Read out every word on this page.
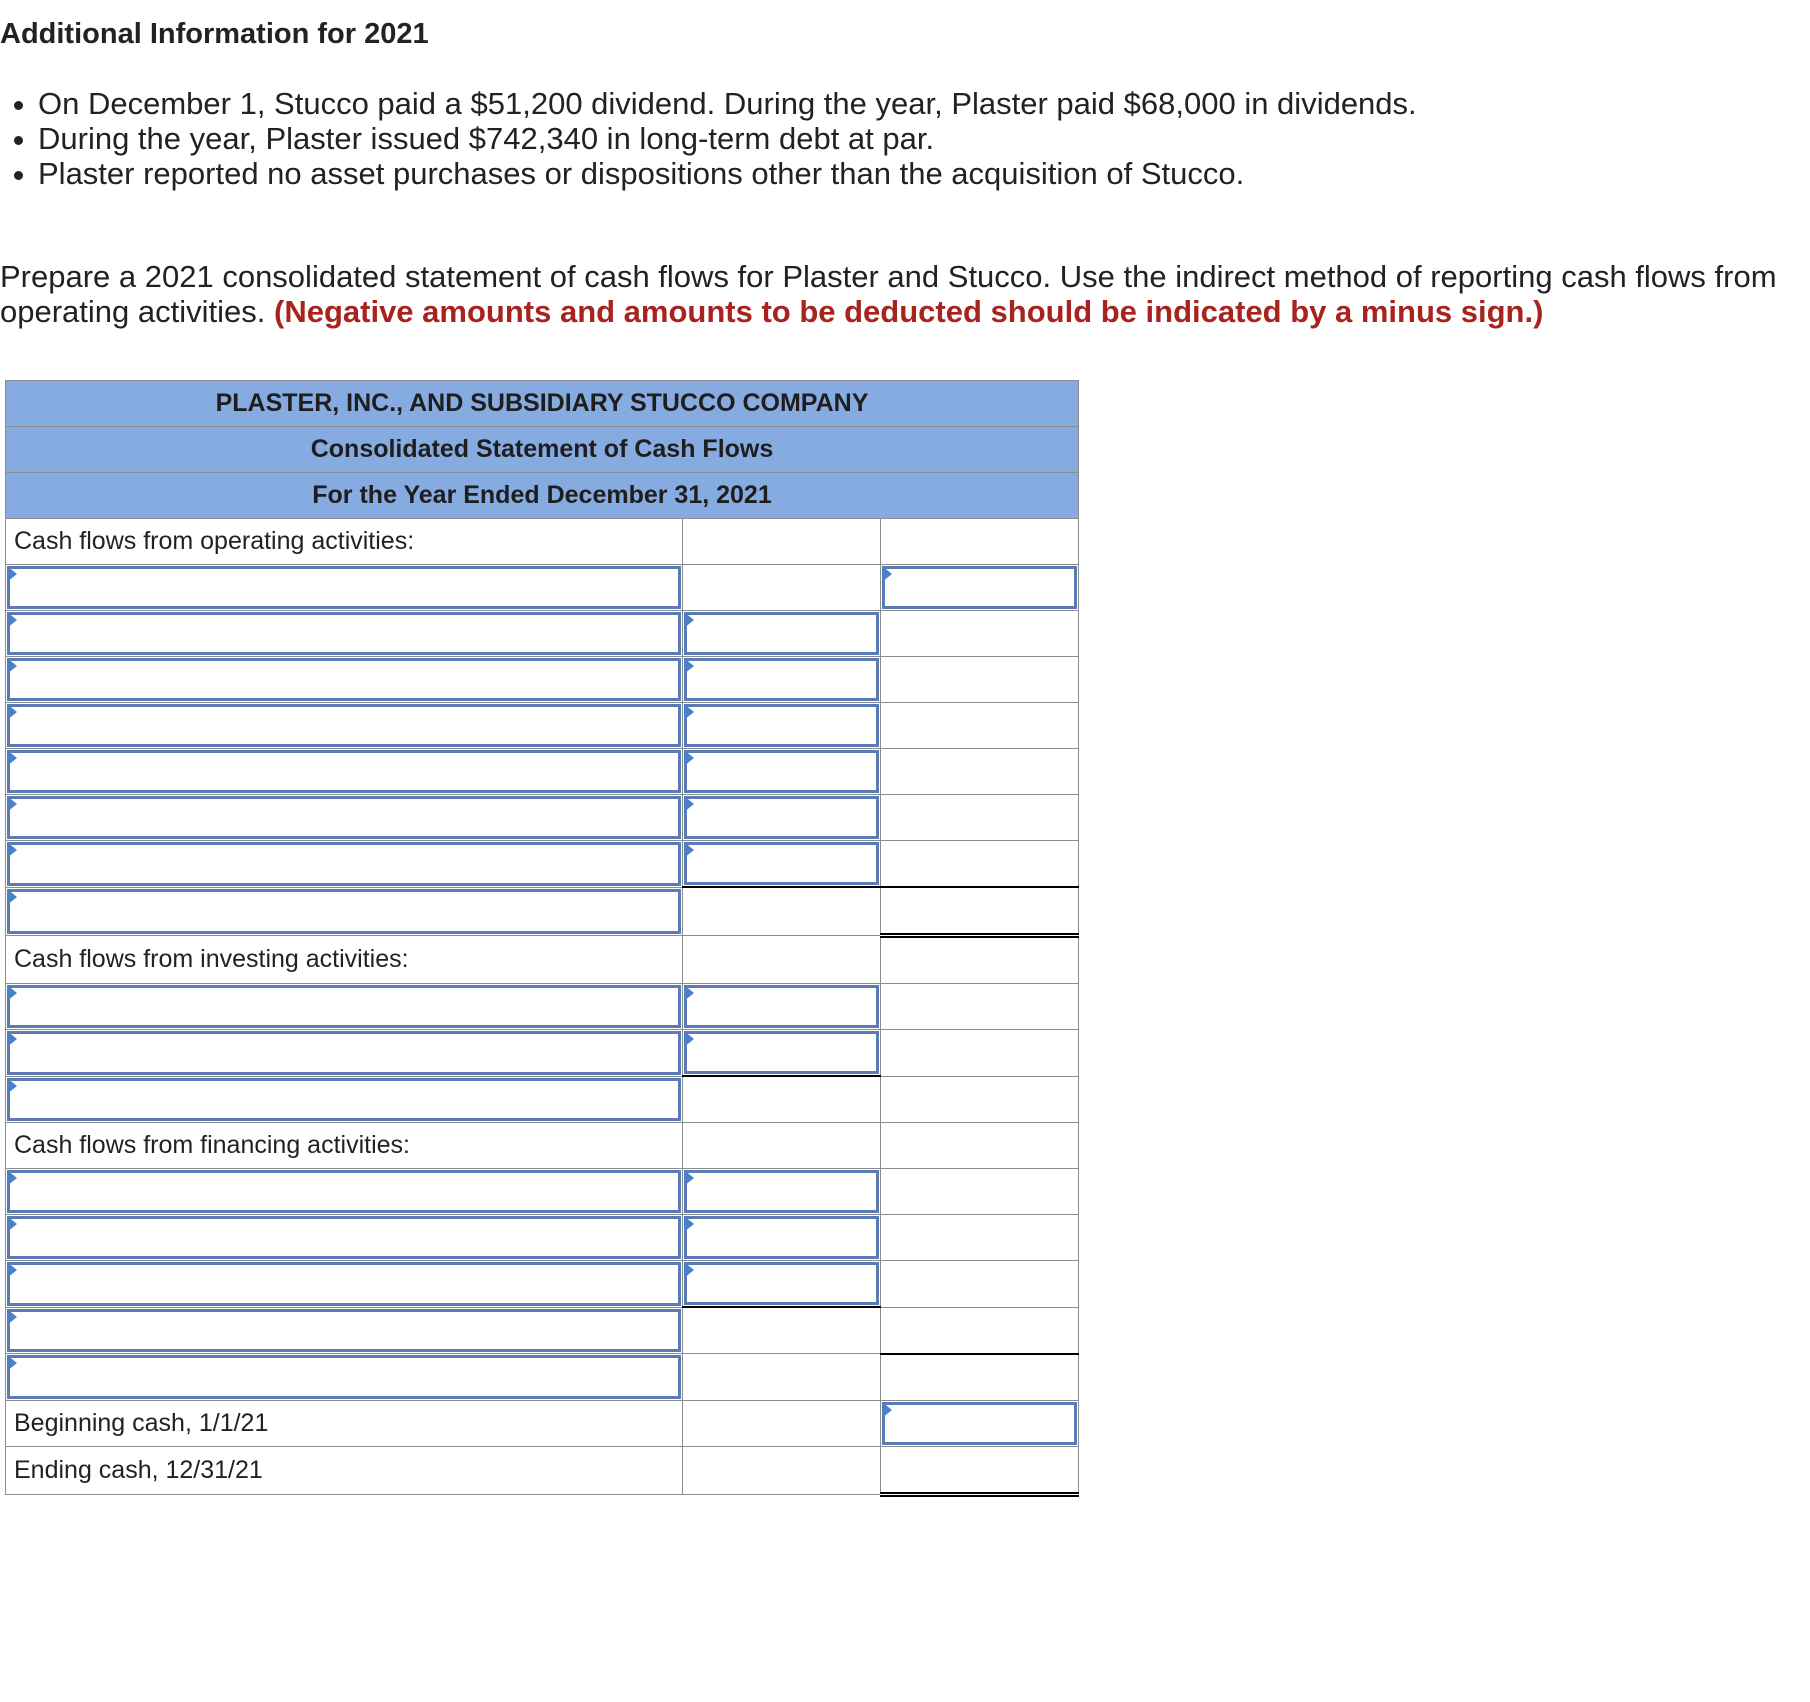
Additional Information for 2021
On December 1, Stucco paid a $51,200 dividend. During the year, Plaster paid $68,000 in dividends.
During the year, Plaster issued $742,340 in long-term debt at par.
Plaster reported no asset purchases or dispositions other than the acquisition of Stucco.
Prepare a 2021 consolidated statement of cash flows for Plaster and Stucco. Use the indirect method of reporting cash flows from operating activities. (Negative amounts and amounts to be deducted should be indicated by a minus sign.)
PLASTER, INC., AND SUBSIDIARY STUCCO COMPANY		
Consolidated Statement of Cash Flows		
For the Year Ended December 31, 2021		
Cash flows from operating activities:		

Cash flows from investing activities:		

Cash flows from financing activities:		

Beginning cash, 1/1/21		

Ending cash, 12/31/21		
